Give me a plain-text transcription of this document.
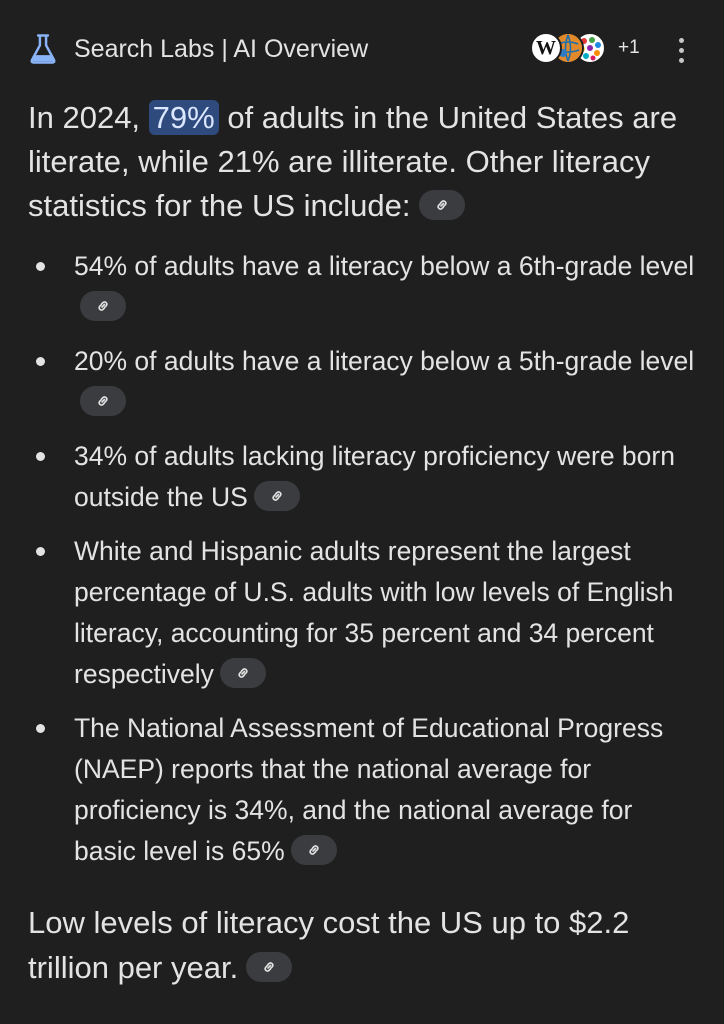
Search Labs | AI Overview	W	+1

In 2024, 79% of adults in the United States are literate, while 21% are illiterate. Other literacy statistics for the US include:

54% of adults have a literacy below a 6th-grade level
20% of adults have a literacy below a 5th-grade level
34% of adults lacking literacy proficiency were born outside the US
White and Hispanic adults represent the largest percentage of U.S. adults with low levels of English literacy, accounting for 35 percent and 34 percent respectively
The National Assessment of Educational Progress (NAEP) reports that the national average for proficiency is 34%, and the national average for basic level is 65%

Low levels of literacy cost the US up to $2.2 trillion per year.
